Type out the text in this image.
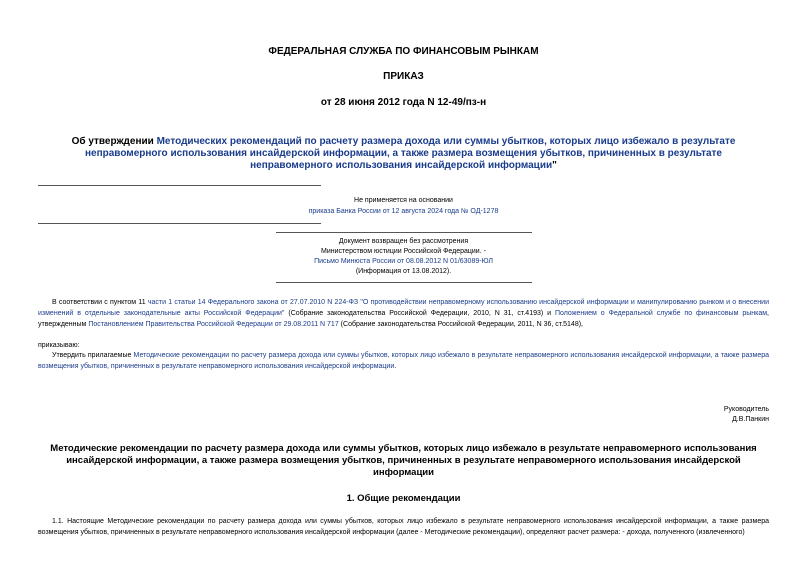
ФЕДЕРАЛЬНАЯ СЛУЖБА ПО ФИНАНСОВЫМ РЫНКАМ
ПРИКАЗ
от 28 июня 2012 года N 12-49/пз-н
Об утверждении Методических рекомендаций по расчету размера дохода или суммы убытков, которых лицо избежало в результате неправомерного использования инсайдерской информации, а также размера возмещения убытков, причиненных в результате неправомерного использования инсайдерской информации"
Не применяется на основании
приказа Банка России от 12 августа 2024 года № ОД-1278
Документ возвращен без рассмотрения
Министерством юстиции Российской Федерации. -
Письмо Минюста России от 08.08.2012 N 01/63089-ЮЛ
(Информация от 13.08.2012).
В соответствии с пунктом 11 части 1 статьи 14 Федерального закона от 27.07.2010 N 224-ФЗ "О противодействии неправомерному использованию инсайдерской информации и манипулированию рынком и о внесении изменений в отдельные законодательные акты Российской Федерации" (Собрание законодательства Российской Федерации, 2010, N 31, ст.4193) и Положением о Федеральной службе по финансовым рынкам, утвержденным Постановлением Правительства Российской Федерации от 29.08.2011 N 717 (Собрание законодательства Российской Федерации, 2011, N 36, ст.5148),
приказываю:
Утвердить прилагаемые Методические рекомендации по расчету размера дохода или суммы убытков, которых лицо избежало в результате неправомерного использования инсайдерской информации, а также размера возмещения убытков, причиненных в результате неправомерного использования инсайдерской информации.
Руководитель
Д.В.Панкин
Методические рекомендации по расчету размера дохода или суммы убытков, которых лицо избежало в результате неправомерного использования инсайдерской информации, а также размера возмещения убытков, причиненных в результате неправомерного использования инсайдерской информации
1. Общие рекомендации
1.1. Настоящие Методические рекомендации по расчету размера дохода или суммы убытков, которых лицо избежало в результате неправомерного использования инсайдерской информации, а также размера возмещения убытков, причиненных в результате неправомерного использования инсайдерской информации (далее - Методические рекомендации), определяют расчет размера: - дохода, полученного (извлеченного)
